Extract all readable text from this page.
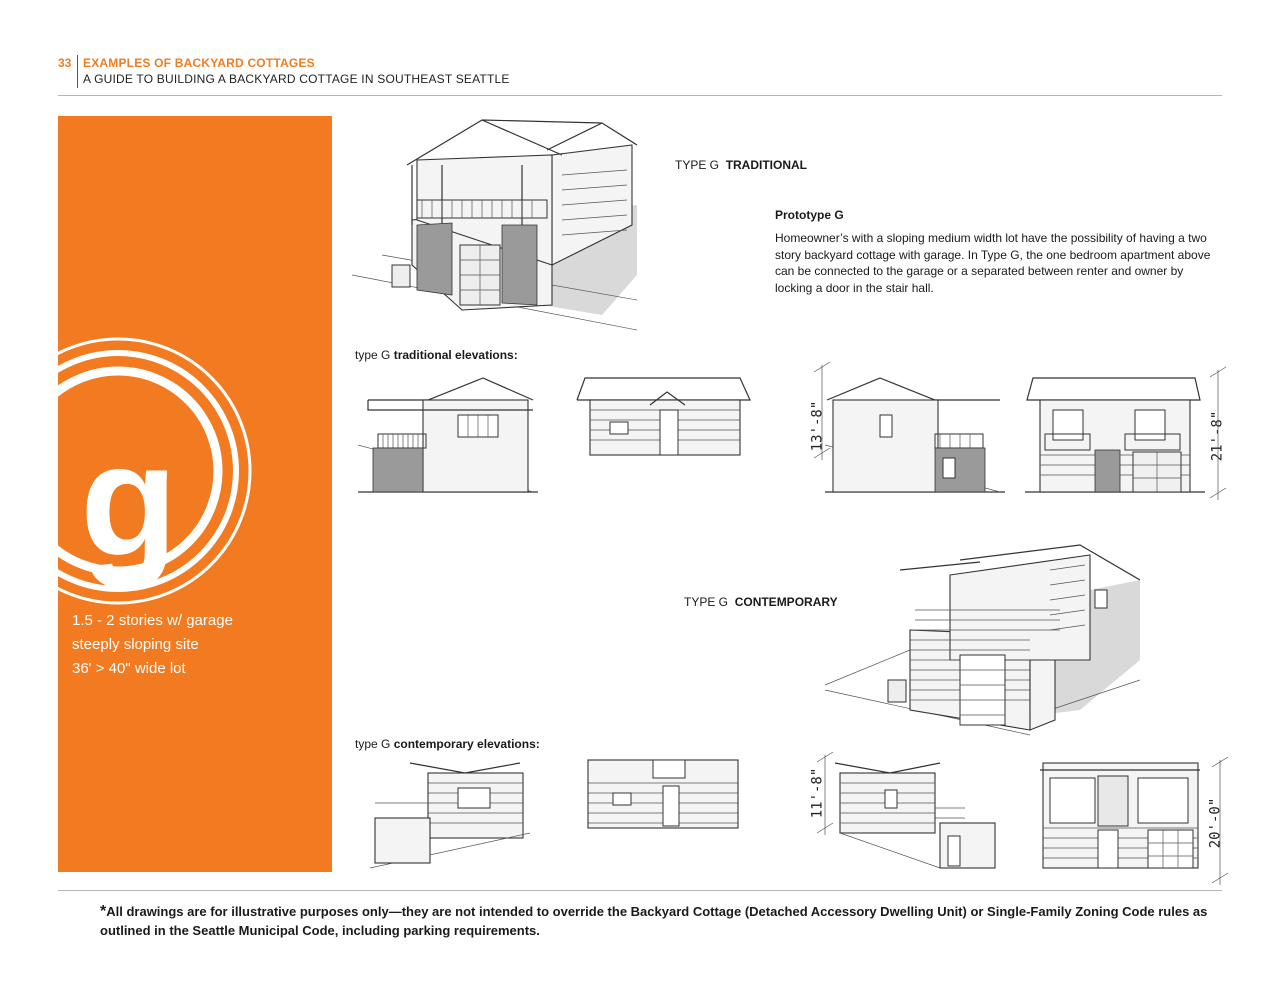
33 EXAMPLES OF BACKYARD COTTAGES
A GUIDE TO BUILDING A BACKYARD COTTAGE IN SOUTHEAST SEATTLE
g
1.5 - 2 stories w/ garage
steeply sloping site
36' > 40" wide lot
TYPE G TRADITIONAL
Prototype G
Homeowner’s with a sloping medium width lot have the possibility of having a two story backyard cottage with garage. In Type G, the one bedroom apartment above can be connected to the garage or a separated between renter and owner by locking a door in the stair hall.
type G traditional elevations:
13'-8"	21'-8"
TYPE G CONTEMPORARY
type G contemporary elevations:
11'-8"
20'-0"
*All drawings are for illustrative purposes only—they are not intended to override the Backyard Cottage (Detached Accessory Dwelling Unit) or Single-Family Zoning Code rules as outlined in the Seattle Municipal Code, including parking requirements.
